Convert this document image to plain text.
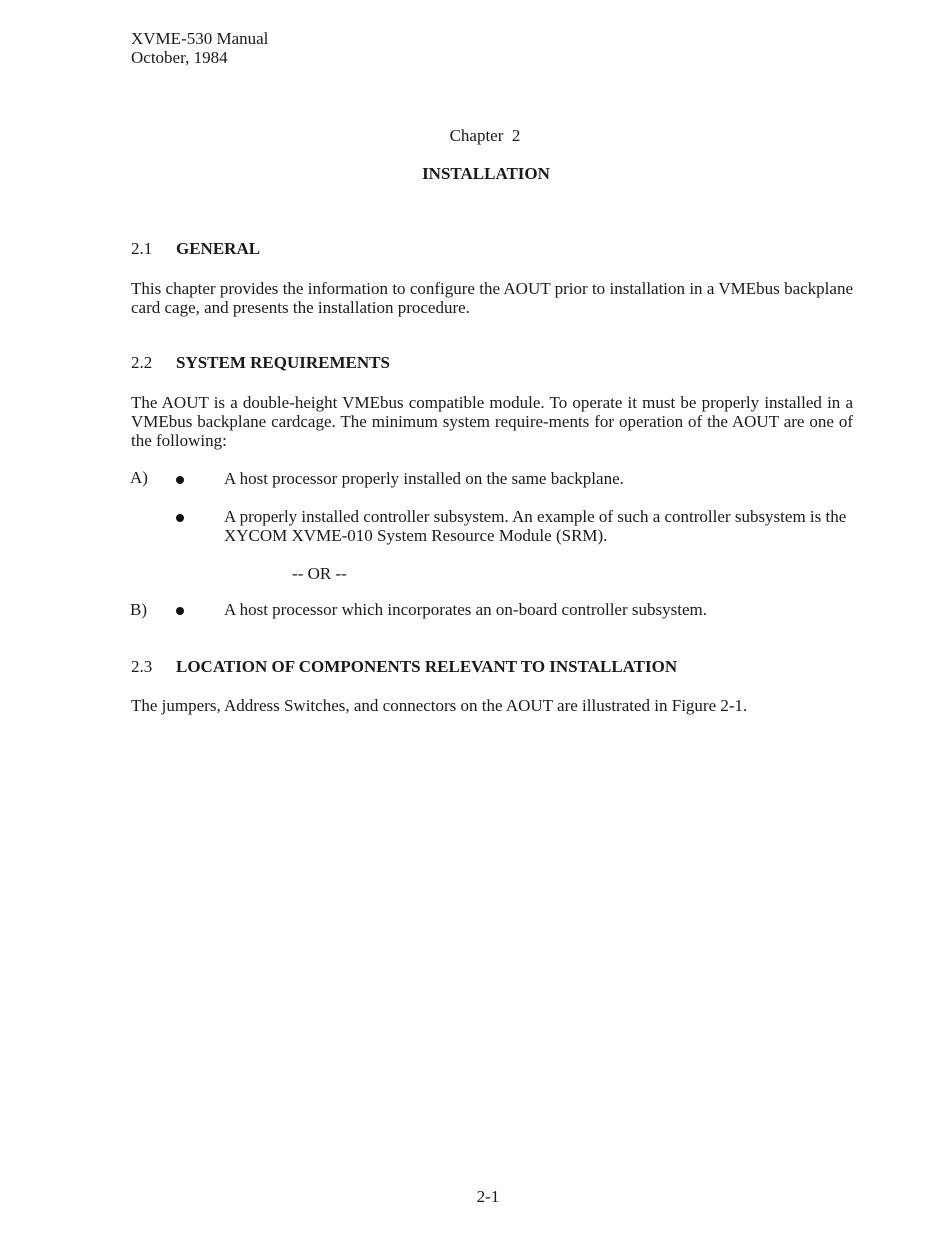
XVME-530 Manual
October, 1984
Chapter  2
INSTALLATION
2.1 GENERAL
This chapter provides the information to configure the AOUT prior to installation in a VMEbus backplane card cage, and presents the installation procedure.
2.2 SYSTEM REQUIREMENTS
The AOUT is a double-height VMEbus compatible module. To operate it must be properly installed in a VMEbus backplane cardcage. The minimum system require-ments for operation of the AOUT are one of the following:
A)	A host processor properly installed on the same backplane.
A properly installed controller subsystem. An example of such a controller subsystem is the XYCOM XVME-010 System Resource Module (SRM).
-- OR --
B)	A host processor which incorporates an on-board controller subsystem.
2.3 LOCATION OF COMPONENTS RELEVANT TO INSTALLATION
The jumpers, Address Switches, and connectors on the AOUT are illustrated in Figure 2-1.
2-1
